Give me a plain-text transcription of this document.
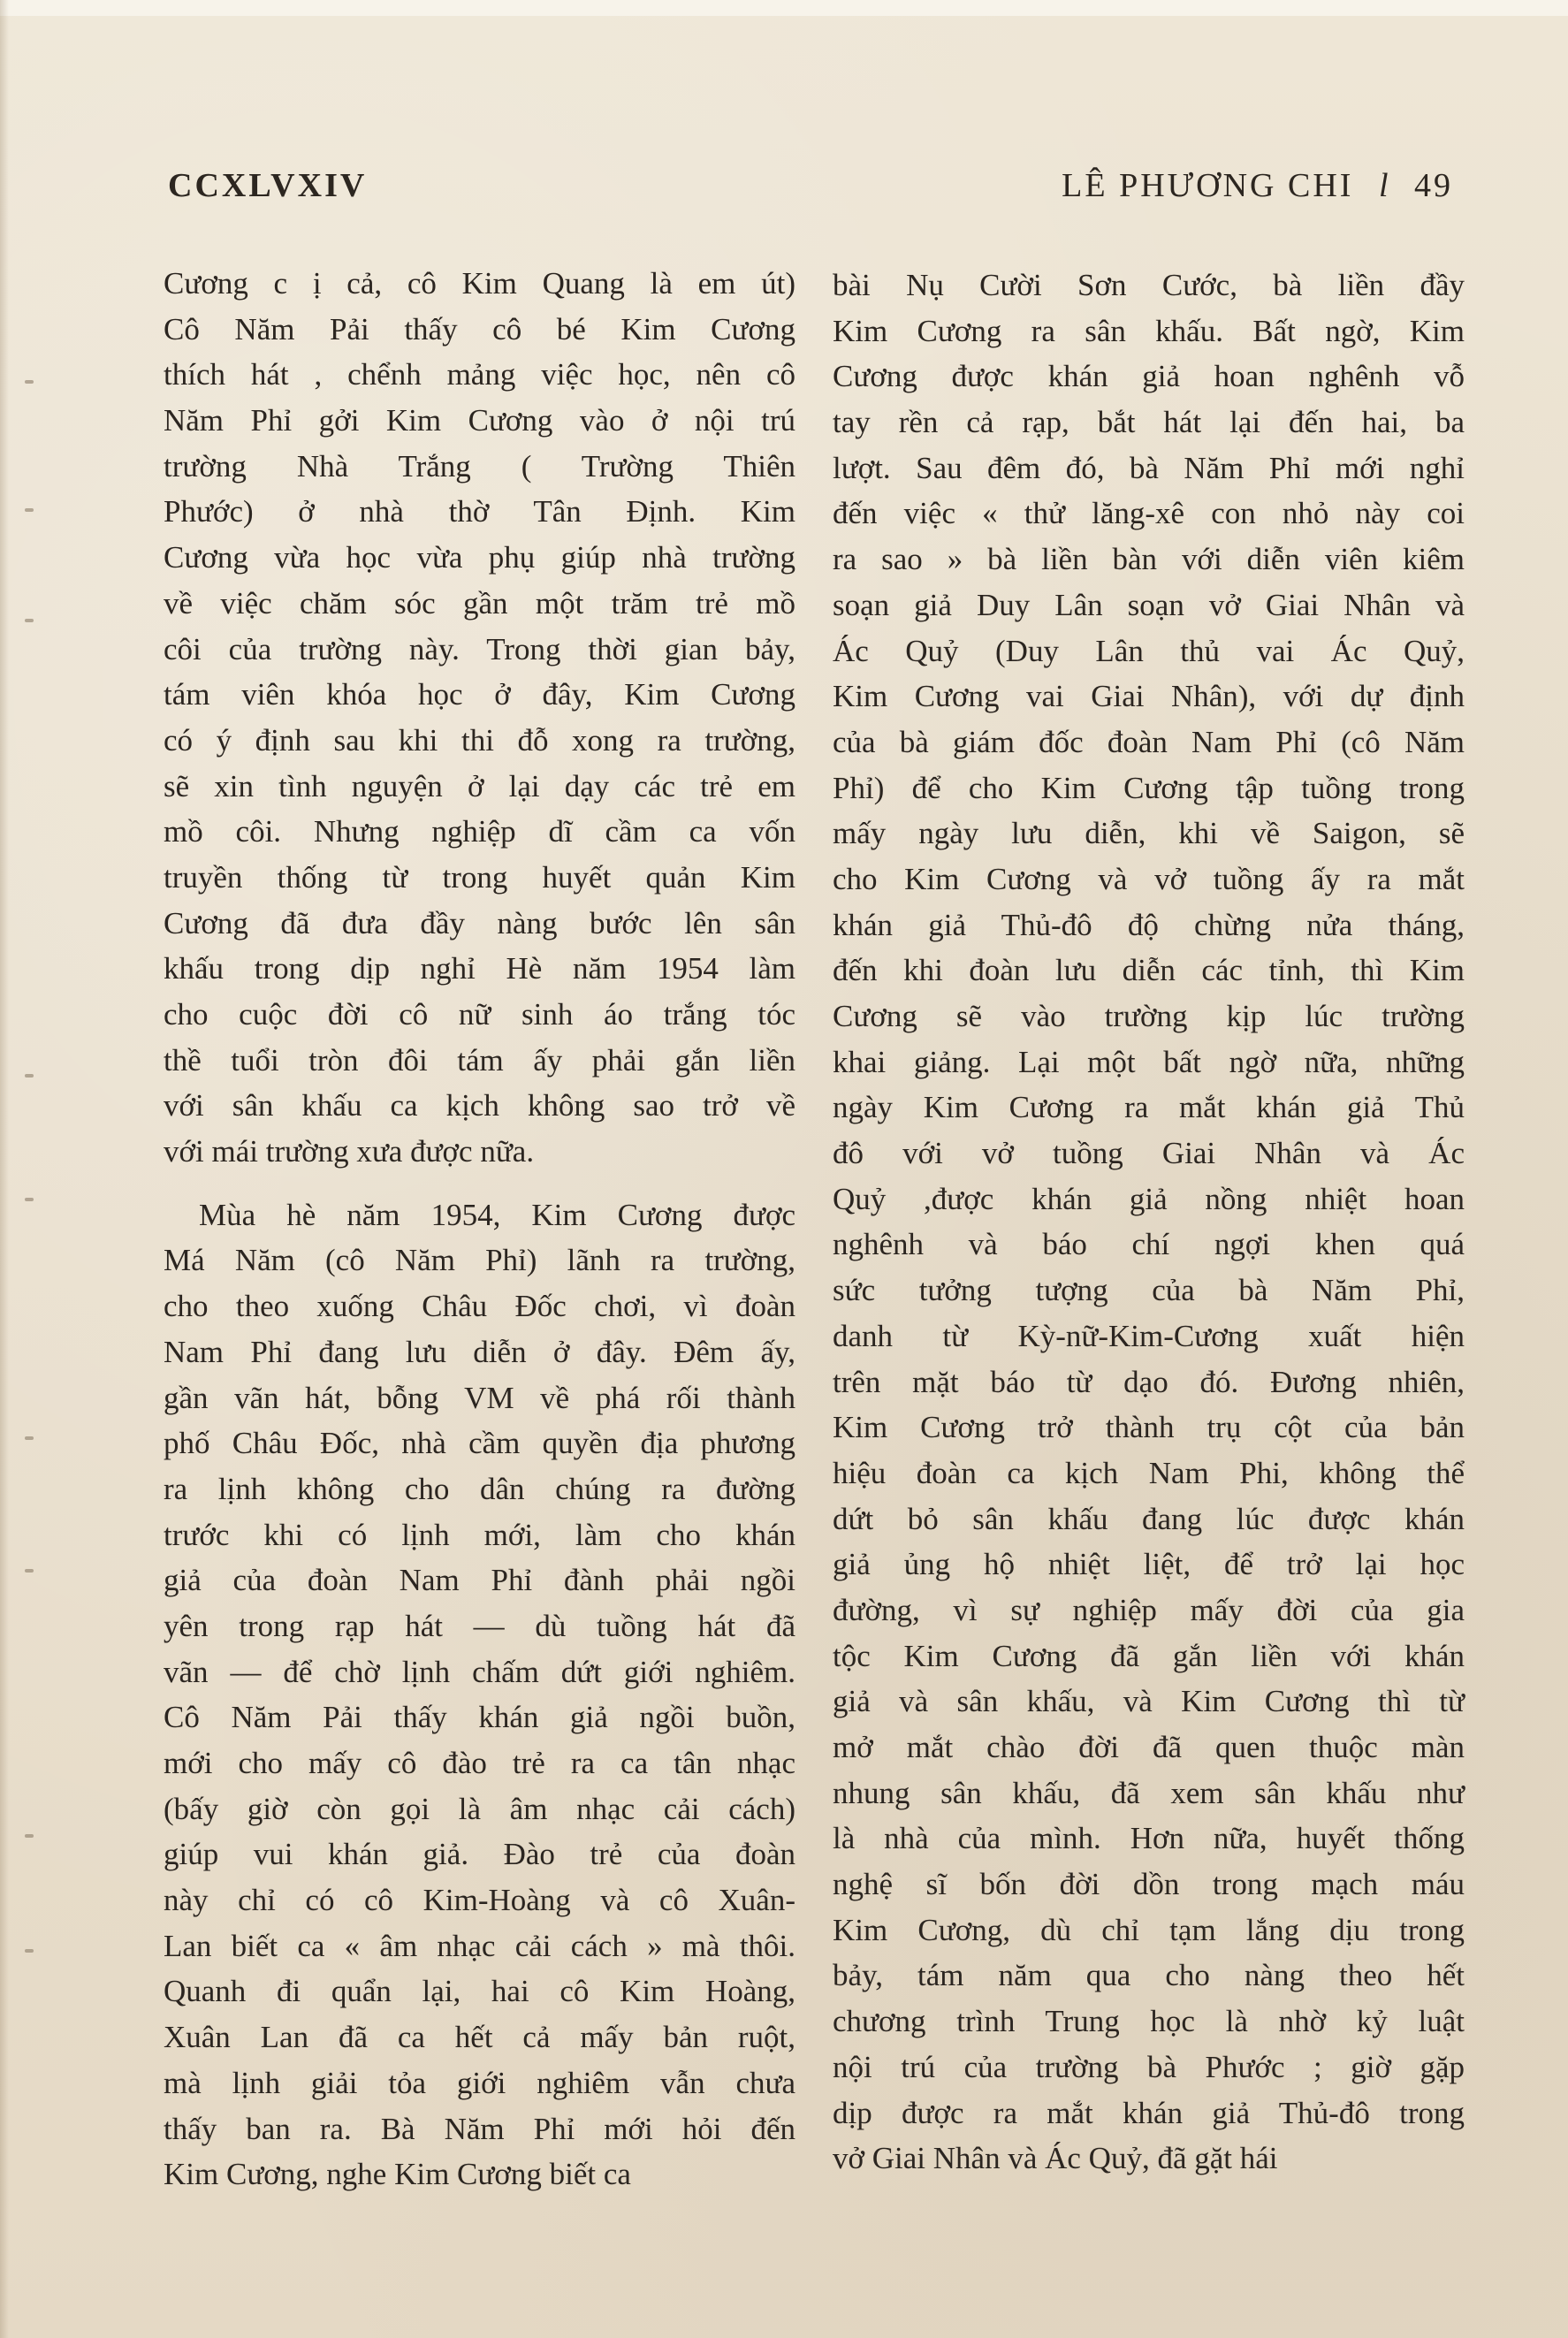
CCXLVXIV	LÊ PHƯƠNG CHI l 49
Cương c ị cả, cô Kim Quang là em út)
Cô Năm Pải thấy cô bé Kim Cương
thích hát , chểnh mảng việc học, nên cô
Năm Phỉ gởi Kim Cương vào ở nội trú
trường Nhà Trắng ( Trường Thiên
Phước) ở nhà thờ Tân Định. Kim
Cương vừa học vừa phụ giúp nhà trường
về việc chăm sóc gần một trăm trẻ mồ
côi của trường này. Trong thời gian bảy,
tám viên khóa học ở đây, Kim Cương
có ý định sau khi thi đỗ xong ra trường,
sẽ xin tình nguyện ở lại dạy các trẻ em
mồ côi. Nhưng nghiệp dĩ cầm ca vốn
truyền thống từ trong huyết quản Kim
Cương đã đưa đầy nàng bước lên sân
khấu trong dịp nghỉ Hè năm 1954 làm
cho cuộc đời cô nữ sinh áo trắng tóc
thề tuổi tròn đôi tám ấy phải gắn liền
với sân khấu ca kịch không sao trở về
với mái trường xưa được nữa.
Mùa hè năm 1954, Kim Cương được
Má Năm (cô Năm Phỉ) lãnh ra trường,
cho theo xuống Châu Đốc chơi, vì đoàn
Nam Phỉ đang lưu diễn ở đây. Đêm ấy,
gần vãn hát, bỗng VM về phá rối thành
phố Châu Đốc, nhà cầm quyền địa phương
ra lịnh không cho dân chúng ra đường
trước khi có lịnh mới, làm cho khán
giả của đoàn Nam Phỉ đành phải ngồi
yên trong rạp hát — dù tuồng hát đã
vãn — để chờ lịnh chấm dứt giới nghiêm.
Cô Năm Pải thấy khán giả ngồi buồn,
mới cho mấy cô đào trẻ ra ca tân nhạc
(bấy giờ còn gọi là âm nhạc cải cách)
giúp vui khán giả. Đào trẻ của đoàn
này chỉ có cô Kim-Hoàng và cô Xuân-
Lan biết ca « âm nhạc cải cách » mà thôi.
Quanh đi quẩn lại, hai cô Kim Hoàng,
Xuân Lan đã ca hết cả mấy bản ruột,
mà lịnh giải tỏa giới nghiêm vẫn chưa
thấy ban ra. Bà Năm Phỉ mới hỏi đến
Kim Cương, nghe Kim Cương biết ca
bài Nụ Cười Sơn Cước, bà liền đầy
Kim Cương ra sân khấu. Bất ngờ, Kim
Cương được khán giả hoan nghênh vỗ
tay rền cả rạp, bắt hát lại đến hai, ba
lượt. Sau đêm đó, bà Năm Phỉ mới nghỉ
đến việc « thử lăng-xê con nhỏ này coi
ra sao » bà liền bàn với diễn viên kiêm
soạn giả Duy Lân soạn vở Giai Nhân và
Ác Quỷ (Duy Lân thủ vai Ác Quỷ,
Kim Cương vai Giai Nhân), với dự định
của bà giám đốc đoàn Nam Phỉ (cô Năm
Phỉ) để cho Kim Cương tập tuồng trong
mấy ngày lưu diễn, khi về Saigon, sẽ
cho Kim Cương và vở tuồng ấy ra mắt
khán giả Thủ-đô độ chừng nửa tháng,
đến khi đoàn lưu diễn các tỉnh, thì Kim
Cương sẽ vào trường kịp lúc trường
khai giảng. Lại một bất ngờ nữa, những
ngày Kim Cương ra mắt khán giả Thủ
đô với vở tuồng Giai Nhân và Ác
Quỷ ,được khán giả nồng nhiệt hoan
nghênh và báo chí ngợi khen quá
sức tưởng tượng của bà Năm Phỉ,
danh từ Kỳ-nữ-Kim-Cương xuất hiện
trên mặt báo từ dạo đó. Đương nhiên,
Kim Cương trở thành trụ cột của bản
hiệu đoàn ca kịch Nam Phi, không thể
dứt bỏ sân khấu đang lúc được khán
giả ủng hộ nhiệt liệt, để trở lại học
đường, vì sự nghiệp mấy đời của gia
tộc Kim Cương đã gắn liền với khán
giả và sân khấu, và Kim Cương thì từ
mở mắt chào đời đã quen thuộc màn
nhung sân khấu, đã xem sân khấu như
là nhà của mình. Hơn nữa, huyết thống
nghệ sĩ bốn đời dồn trong mạch máu
Kim Cương, dù chỉ tạm lắng dịu trong
bảy, tám năm qua cho nàng theo hết
chương trình Trung học là nhờ kỷ luật
nội trú của trường bà Phước ; giờ gặp
dịp được ra mắt khán giả Thủ-đô trong
vở Giai Nhân và Ác Quỷ, đã gặt hái
